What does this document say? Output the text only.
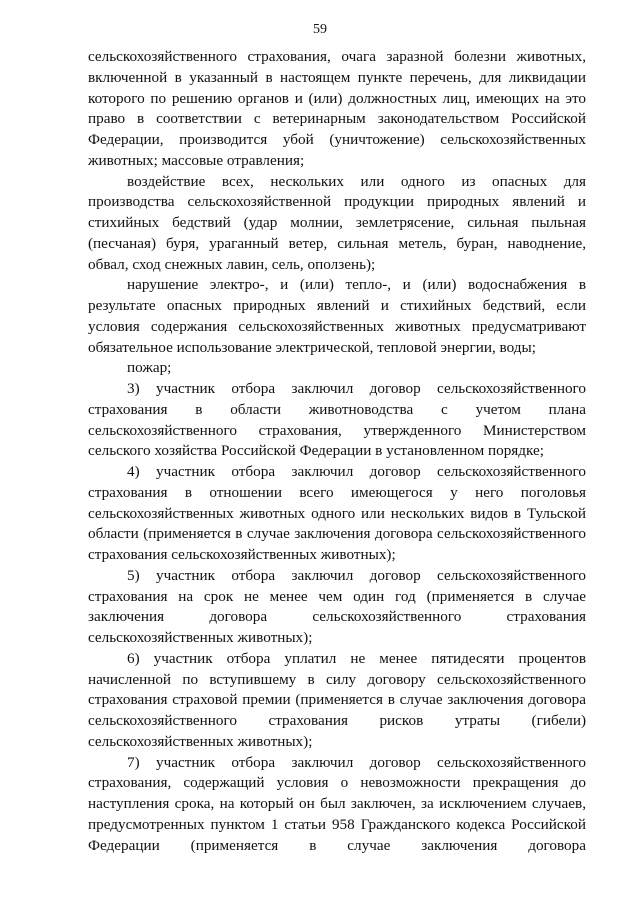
59

сельскохозяйственного страхования, очага заразной болезни животных, включенной в указанный в настоящем пункте перечень, для ликвидации которого по решению органов и (или) должностных лиц, имеющих на это право в соответствии с ветеринарным законодательством Российской Федерации, производится убой (уничтожение) сельскохозяйственных животных; массовые отравления;

воздействие всех, нескольких или одного из опасных для производства сельскохозяйственной продукции природных явлений и стихийных бедствий (удар молнии, землетрясение, сильная пыльная (песчаная) буря, ураганный ветер, сильная метель, буран, наводнение, обвал, сход снежных лавин, сель, оползень);

нарушение электро-, и (или) тепло-, и (или) водоснабжения в результате опасных природных явлений и стихийных бедствий, если условия содержания сельскохозяйственных животных предусматривают обязательное использование электрической, тепловой энергии, воды;

пожар;

3) участник отбора заключил договор сельскохозяйственного страхования в области животноводства с учетом плана сельскохозяйственного страхования, утвержденного Министерством сельского хозяйства Российской Федерации в установленном порядке;

4) участник отбора заключил договор сельскохозяйственного страхования в отношении всего имеющегося у него поголовья сельскохозяйственных животных одного или нескольких видов в Тульской области (применяется в случае заключения договора сельскохозяйственного страхования сельскохозяйственных животных);

5) участник отбора заключил договор сельскохозяйственного страхования на срок не менее чем один год (применяется в случае заключения договора сельскохозяйственного страхования сельскохозяйственных животных);

6) участник отбора уплатил не менее пятидесяти процентов начисленной по вступившему в силу договору сельскохозяйственного страхования страховой премии (применяется в случае заключения договора сельскохозяйственного страхования рисков утраты (гибели) сельскохозяйственных животных);

7) участник отбора заключил договор сельскохозяйственного страхования, содержащий условия о невозможности прекращения до наступления срока, на который он был заключен, за исключением случаев, предусмотренных пунктом 1 статьи 958 Гражданского кодекса Российской Федерации (применяется в случае заключения договора
